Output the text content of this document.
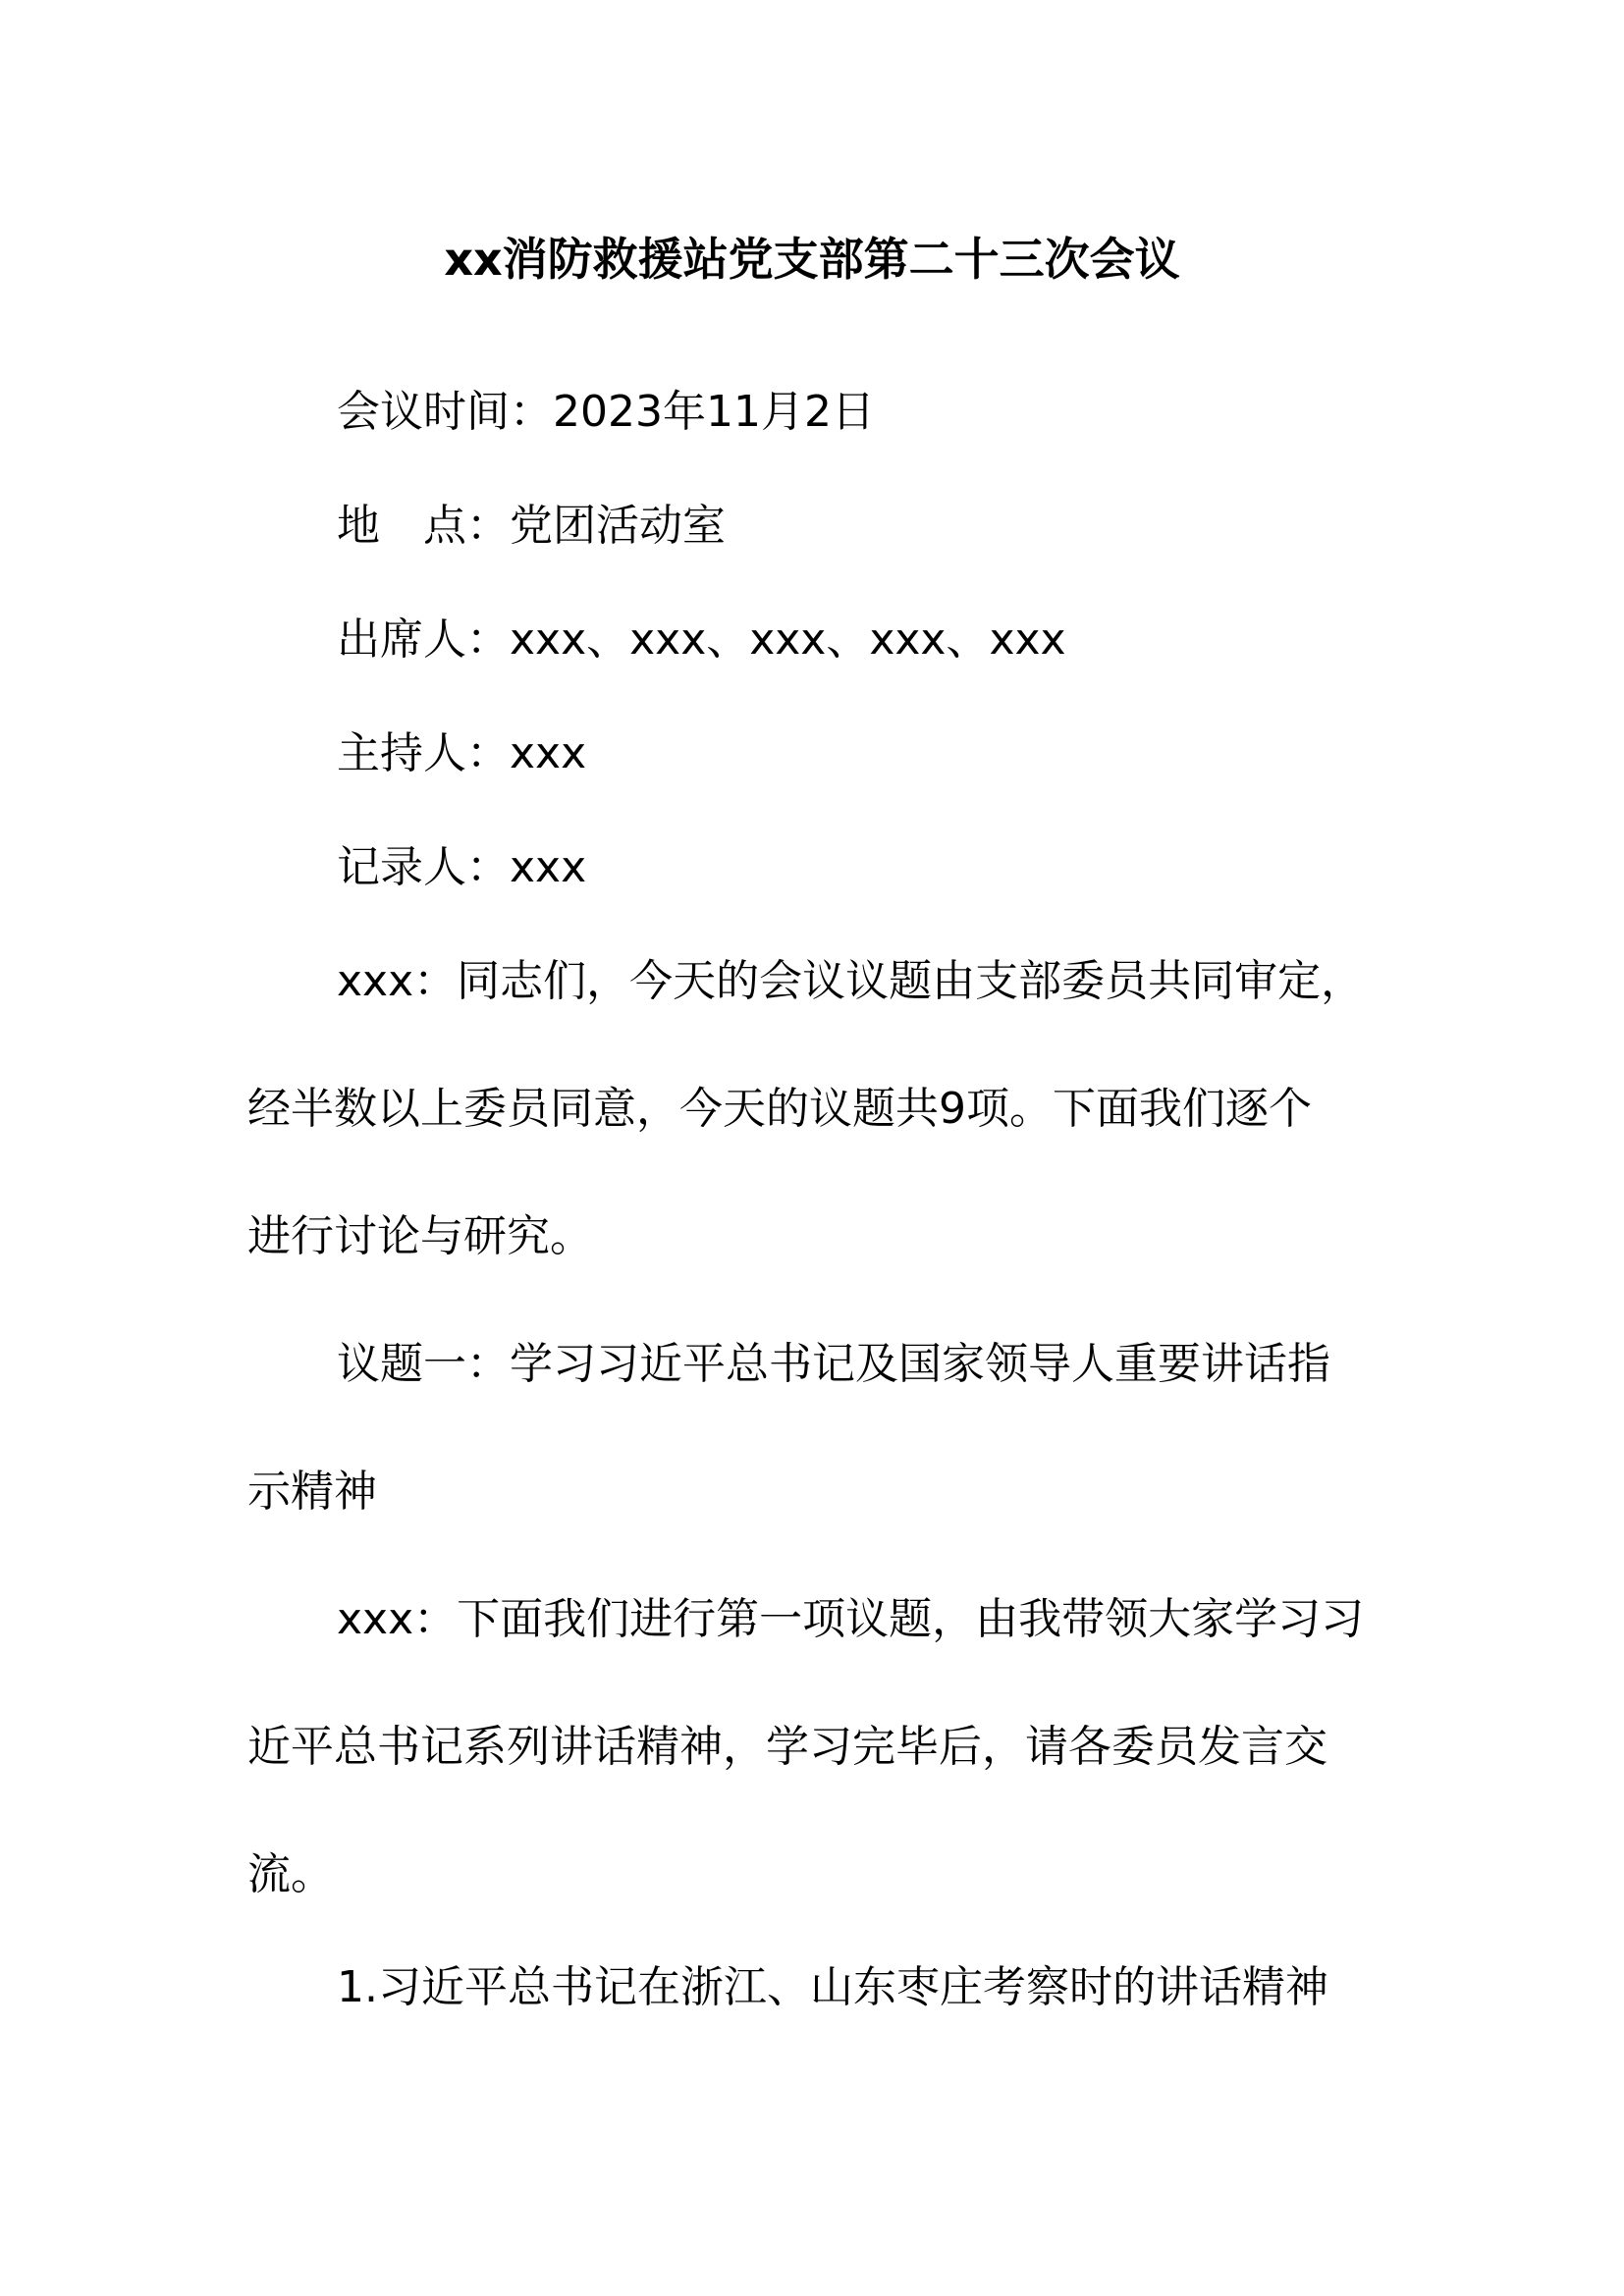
xx消防救援站党支部第二十三次会议
会议时间：2023年11月2日
地 点：党团活动室
出席人：xxx、xxx、xxx、xxx、xxx
主持人：xxx
记录人：xxx
xxx：同志们，今天的会议议题由支部委员共同审定，
经半数以上委员同意，今天的议题共9项。下面我们逐个
进行讨论与研究。
议题一：学习习近平总书记及国家领导人重要讲话指
示精神
xxx：下面我们进行第一项议题，由我带领大家学习习
近平总书记系列讲话精神，学习完毕后，请各委员发言交
流。
1.习近平总书记在浙江、山东枣庄考察时的讲话精神
